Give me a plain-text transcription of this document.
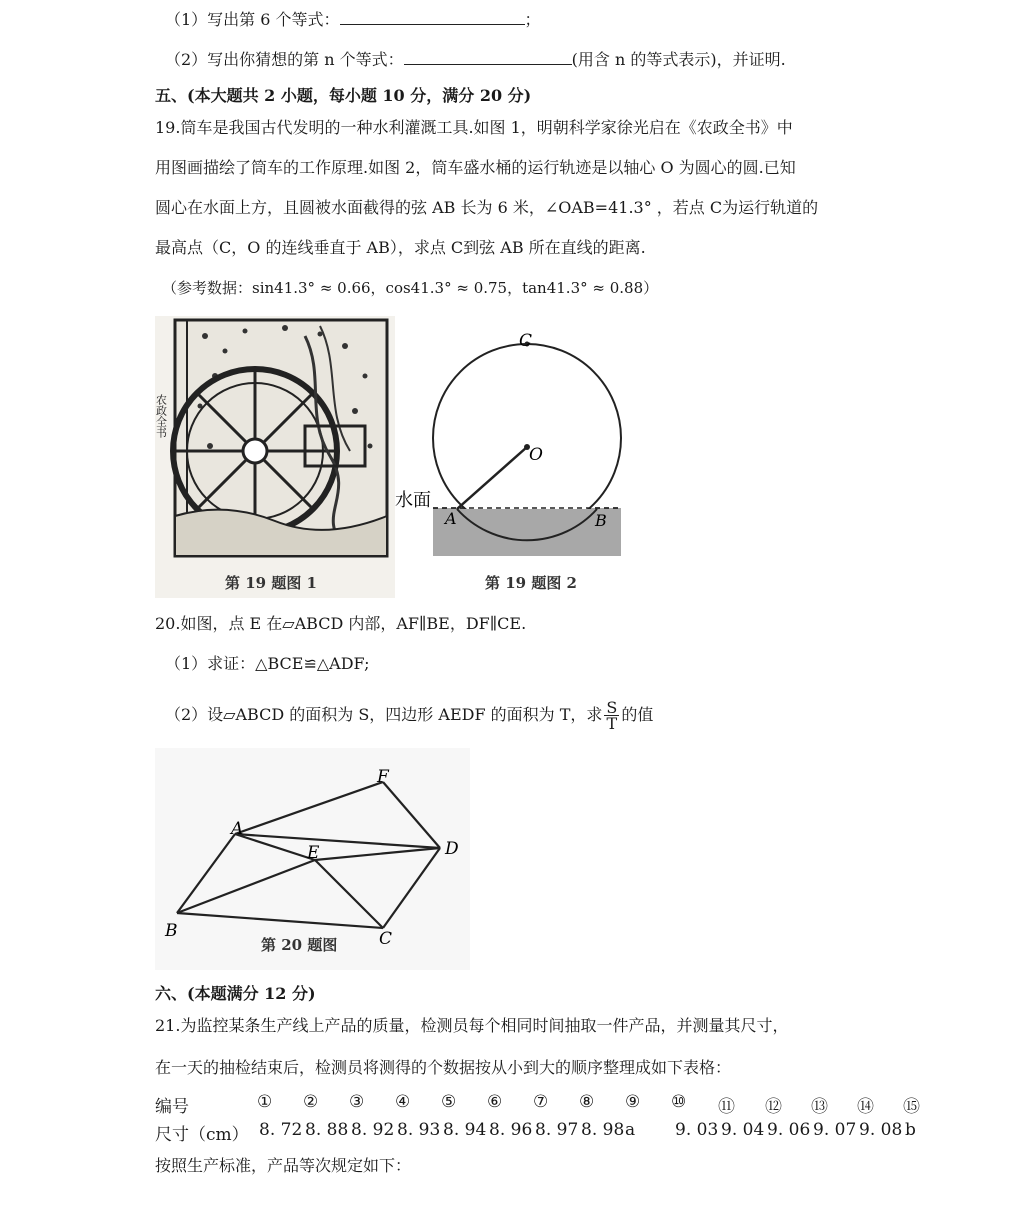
（1）写出第 6 个等式：	；
（2）写出你猜想的第 n 个等式：	(用含 n 的等式表示)，并证明.
五、(本大题共 2 小题，每小题 10 分，满分 20 分)
19.筒车是我国古代发明的一种水利灌溉工具.如图 1，明朝科学家徐光启在《农政全书》中
用图画描绘了筒车的工作原理.如图 2，筒车盛水桶的运行轨迹是以轴心 O 为圆心的圆.已知
圆心在水面上方，且圆被水面截得的弦 AB 长为 6 米，∠OAB=41.3° ，若点 C为运行轨道的
最高点（C，O 的连线垂直于 AB），求点 C到弦 AB 所在直线的距离.
（参考数据：sin41.3° ≈ 0.66，cos41.3° ≈ 0.75，tan41.3° ≈ 0.88）
农政全书
第 19 题图 1
C
O
A	B
水面
第 19 题图 2
20.如图，点 E 在▱ABCD 内部，AF∥BE，DF∥CE.
（1）求证：△BCE≌△ADF;
（2）设▱ABCD 的面积为 S，四边形 AEDF 的面积为 T，求 $\frac{S}{T}$ 的值
A
B	C
D
E
F
第 20 题图
六、(本题满分 12 分)
21.为监控某条生产线上产品的质量，检测员每个相同时间抽取一件产品，并测量其尺寸，
在一天的抽检结束后，检测员将测得的个数据按从小到大的顺序整理成如下表格：
编号	① ② ③ ④ ⑤ ⑥ ⑦ ⑧ ⑨ ⑩ ⑪ ⑫ ⑬ ⑭ ⑮
尺寸（cm） 8. 72 8. 88 8. 92 8. 93 8. 94 8. 96 8. 97 8. 98 a 9. 03 9. 04 9. 06 9. 07 9. 08 b
按照生产标准，产品等次规定如下：
